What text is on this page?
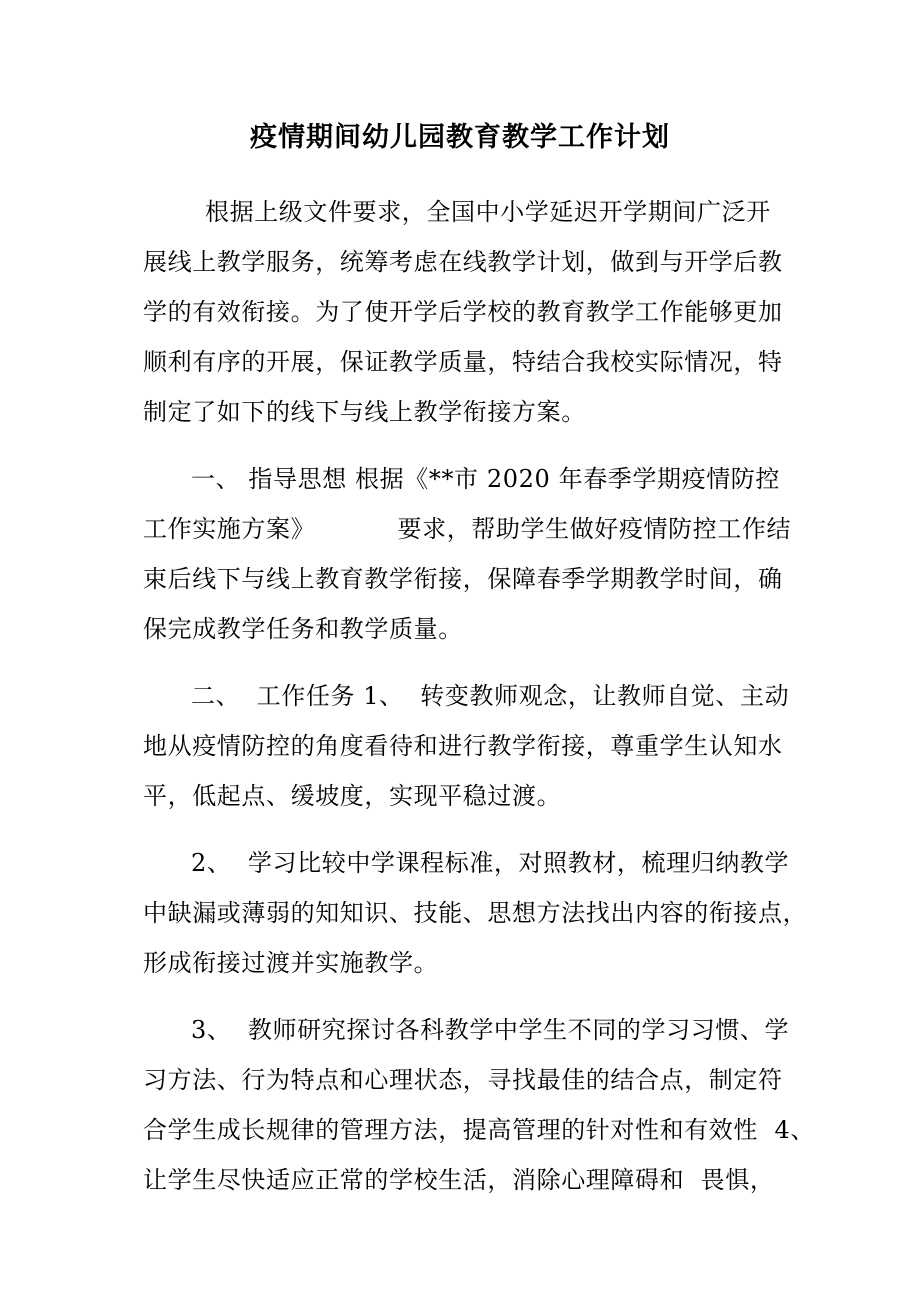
疫情期间幼儿园教育教学工作计划
根据上级文件要求，全国中小学延迟开学期间广泛开
展线上教学服务，统筹考虑在线教学计划，做到与开学后教
学的有效衔接。为了使开学后学校的教育教学工作能够更加
顺利有序的开展，保证教学质量，特结合我校实际情况，特
制定了如下的线下与线上教学衔接方案。
一、 指导思想 根据《**市 2020 年春季学期疫情防控
工作实施方案》          要求，帮助学生做好疫情防控工作结
束后线下与线上教育教学衔接，保障春季学期教学时间，确
保完成教学任务和教学质量。
二、  工作任务 1、  转变教师观念，让教师自觉、主动
地从疫情防控的角度看待和进行教学衔接，尊重学生认知水
平，低起点、缓坡度，实现平稳过渡。
2、  学习比较中学课程标准，对照教材，梳理归纳教学
中缺漏或薄弱的知知识、技能、思想方法找出内容的衔接点，
形成衔接过渡并实施教学。
3、  教师研究探讨各科教学中学生不同的学习习惯、学
习方法、行为特点和心理状态，寻找最佳的结合点，制定符
合学生成长规律的管理方法，提高管理的针对性和有效性  4、
让学生尽快适应正常的学校生活，消除心理障碍和  畏惧，
